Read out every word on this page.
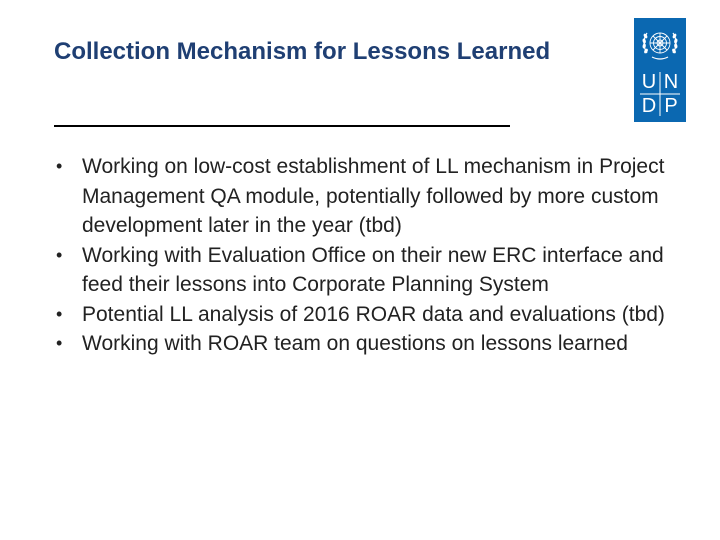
Collection Mechanism for Lessons Learned
• Working on low-cost establishment of LL mechanism in Project Management QA module, potentially followed by more custom development later in the year (tbd)
• Working with Evaluation Office on their new ERC interface and feed their lessons into Corporate Planning System
• Potential LL analysis of 2016 ROAR data and evaluations (tbd)
• Working with ROAR team on questions on lessons learned
U N
D P
